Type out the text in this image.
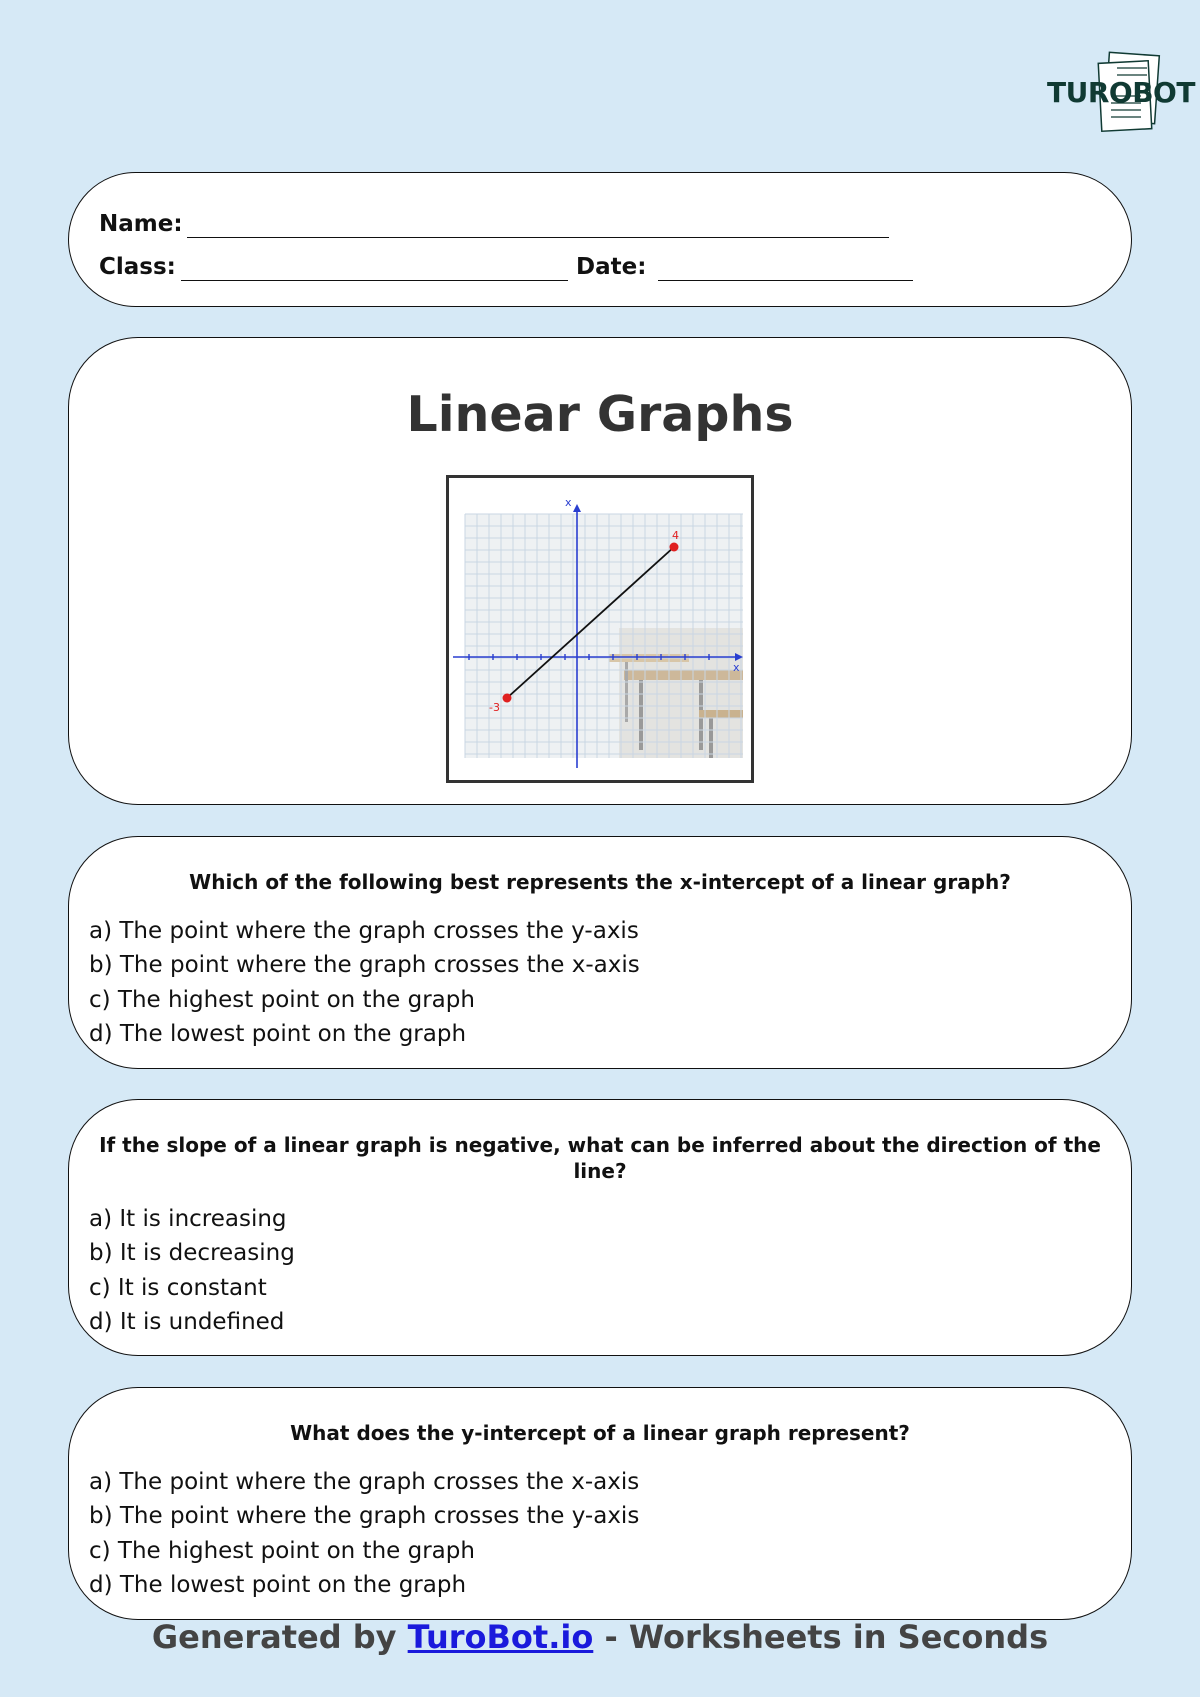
TUROBOT
Name:
Class:	Date:
Linear Graphs
x
x
-3
4
Which of the following best represents the x-intercept of a linear graph?
a) The point where the graph crosses the y-axis
b) The point where the graph crosses the x-axis
c) The highest point on the graph
d) The lowest point on the graph
If the slope of a linear graph is negative, what can be inferred about the direction of the line?
a) It is increasing
b) It is decreasing
c) It is constant
d) It is undefined
What does the y-intercept of a linear graph represent?
a) The point where the graph crosses the x-axis
b) The point where the graph crosses the y-axis
c) The highest point on the graph
d) The lowest point on the graph
Generated by TuroBot.io - Worksheets in Seconds
